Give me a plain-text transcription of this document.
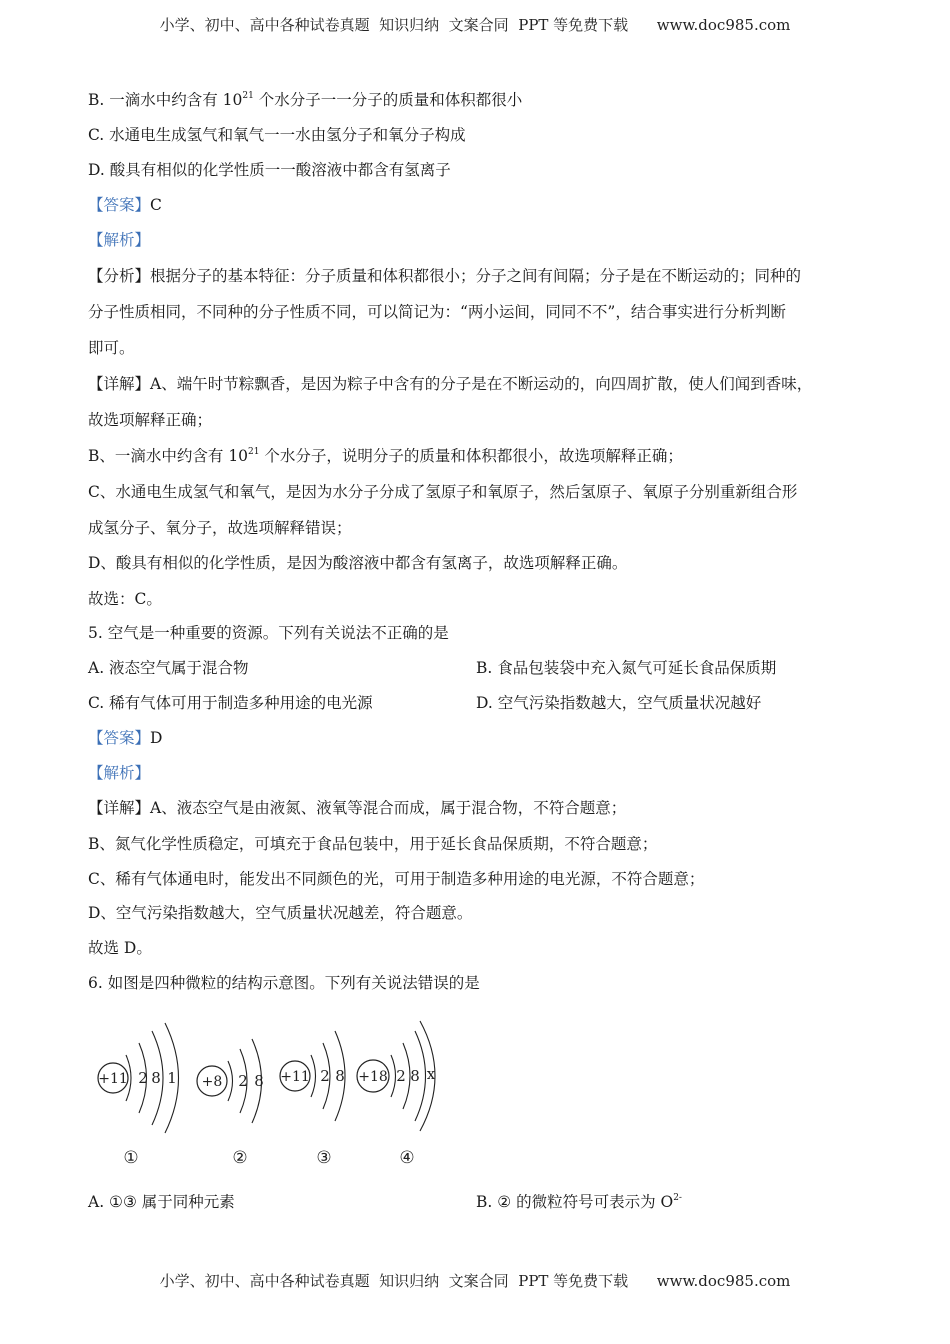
小学、初中、高中各种试卷真题  知识归纳  文案合同  PPT 等免费下载      www.doc985.com
B. 一滴水中约含有 $10^{21}$ 个水分子一一分子的质量和体积都很小
C. 水通电生成氢气和氧气一一水由氢分子和氧分子构成
D. 酸具有相似的化学性质一一酸溶液中都含有氢离子
【答案】C
【解析】
【分析】根据分子的基本特征：分子质量和体积都很小；分子之间有间隔；分子是在不断运动的；同种的
分子性质相同，不同种的分子性质不同，可以简记为：“两小运间，同同不不”，结合事实进行分析判断
即可。
【详解】A、端午时节粽飘香，是因为粽子中含有的分子是在不断运动的，向四周扩散，使人们闻到香味，
故选项解释正确；
B、一滴水中约含有 $10^{21}$ 个水分子，说明分子的质量和体积都很小，故选项解释正确；
C、水通电生成氢气和氧气，是因为水分子分成了氢原子和氧原子，然后氢原子、氧原子分别重新组合形
成氢分子、氧分子，故选项解释错误；
D、酸具有相似的化学性质，是因为酸溶液中都含有氢离子，故选项解释正确。
故选：C。
5. 空气是一种重要的资源。下列有关说法不正确的是
A. 液态空气属于混合物	B. 食品包装袋中充入氮气可延长食品保质期
C. 稀有气体可用于制造多种用途的电光源	D. 空气污染指数越大，空气质量状况越好
【答案】D
【解析】
【详解】A、液态空气是由液氮、液氧等混合而成，属于混合物，不符合题意；
B、氮气化学性质稳定，可填充于食品包装中，用于延长食品保质期，不符合题意；
C、稀有气体通电时，能发出不同颜色的光，可用于制造多种用途的电光源，不符合题意；
D、空气污染指数越大，空气质量状况越差，符合题意。
故选 D。
6. 如图是四种微粒的结构示意图。下列有关说法错误的是
+11 2 8 1
①
+8 2 8
②
+11 2 8
③
+18 2 8 x
④
A. ①③ 属于同种元素	B. ② 的微粒符号可表示为 $O^{2-}$
小学、初中、高中各种试卷真题  知识归纳  文案合同  PPT 等免费下载      www.doc985.com
